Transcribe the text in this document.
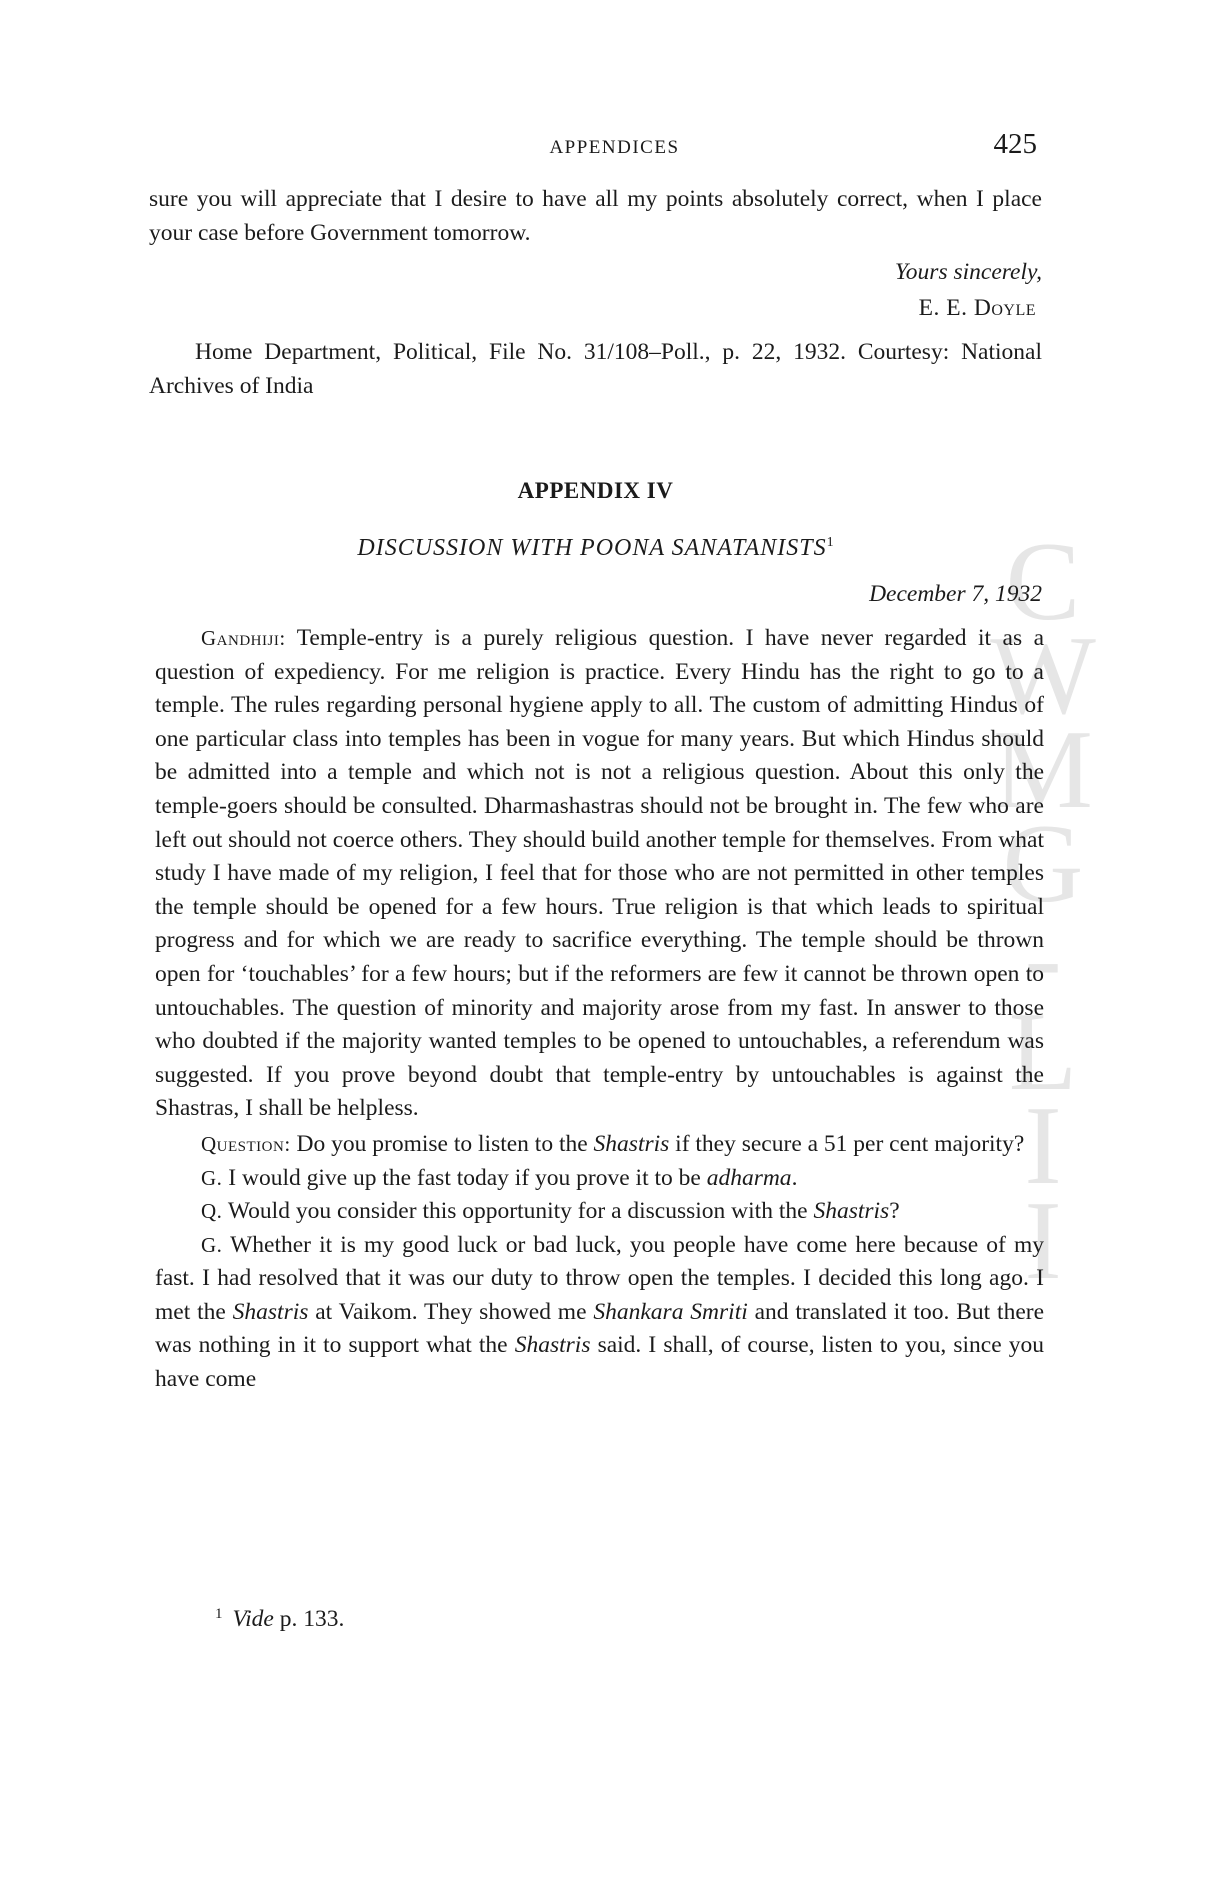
C
W
M
G
-
L
I
I
APPENDICES	425
sure you will appreciate that I desire to have all my points absolutely correct, when I place your case before Government tomorrow.
Yours sincerely,
E. E. Doyle
Home Department, Political, File No. 31/108–Poll., p. 22, 1932. Courtesy: National Archives of India
APPENDIX IV
DISCUSSION WITH POONA SANATANISTS$^1$
December 7, 1932

Gandhiji: Temple-entry is a purely religious question. I have never regarded it as a question of expediency. For me religion is practice. Every Hindu has the right to go to a temple. The rules regarding personal hygiene apply to all. The custom of admitting Hindus of one particular class into temples has been in vogue for many years. But which Hindus should be admitted into a temple and which not is not a religious question. About this only the temple-goers should be consulted. Dharmashastras should not be brought in. The few who are left out should not coerce others. They should build another temple for themselves. From what study I have made of my religion, I feel that for those who are not permitted in other temples the temple should be opened for a few hours. True religion is that which leads to spiritual progress and for which we are ready to sacrifice everything. The temple should be thrown open for ‘touchables’ for a few hours; but if the reformers are few it cannot be thrown open to untouchables. The question of minority and majority arose from my fast. In answer to those who doubted if the majority wanted temples to be opened to untouchables, a referendum was suggested. If you prove beyond doubt that temple-entry by untouchables is against the Shastras, I shall be helpless.

Question: Do you promise to listen to the Shastris if they secure a 51 per cent majority?

G. I would give up the fast today if you prove it to be adharma.

Q. Would you consider this opportunity for a discussion with the Shastris?

G. Whether it is my good luck or bad luck, you people have come here because of my fast. I had resolved that it was our duty to throw open the temples. I decided this long ago. I met the Shastris at Vaikom. They showed me Shankara Smriti and translated it too. But there was nothing in it to support what the Shastris said. I shall, of course, listen to you, since you have come

$^1$ Vide p. 133.
